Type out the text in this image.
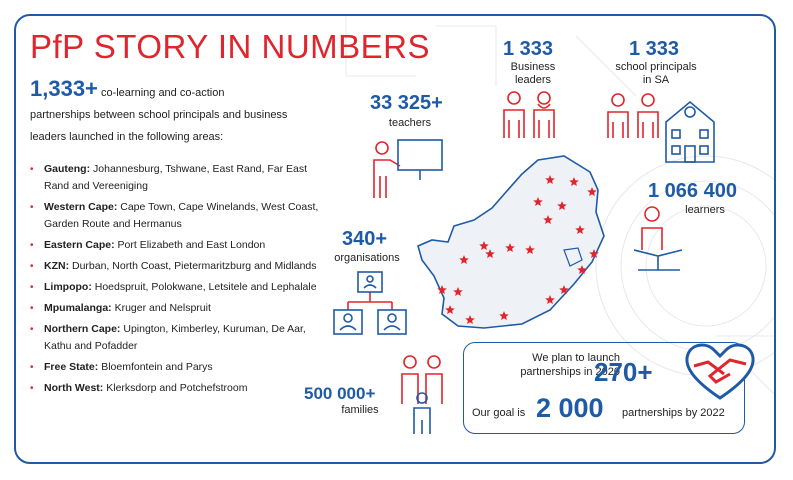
PfP STORY IN NUMBERS
1,333+ co-learning and co-action
partnerships between school principals and business
leaders launched in the following areas:
• Gauteng: Johannesburg, Tshwane, East Rand, Far East Rand and Vereeniging
• Western Cape: Cape Town, Cape Winelands, West Coast, Garden Route and Hermanus
• Eastern Cape: Port Elizabeth and East London
• KZN: Durban, North Coast, Pietermaritzburg and Midlands
• Limpopo: Hoedspruit, Polokwane, Letsitele and Lephalale
• Mpumalanga: Kruger and Nelspruit
• Northern Cape: Upington, Kimberley, Kuruman, De Aar, Kathu and Pofadder
• Free State: Bloemfontein and Parys
• North West: Klerksdorp and Potchefstroom
1 333
Business
leaders
1 333
school principals
in SA
33 325+
teachers
1 066 400
learners
340+
organisations
500 000+
families
We plan to launch
partnerships in 2020
270+
Our goal is 2 000 partnerships by 2022
